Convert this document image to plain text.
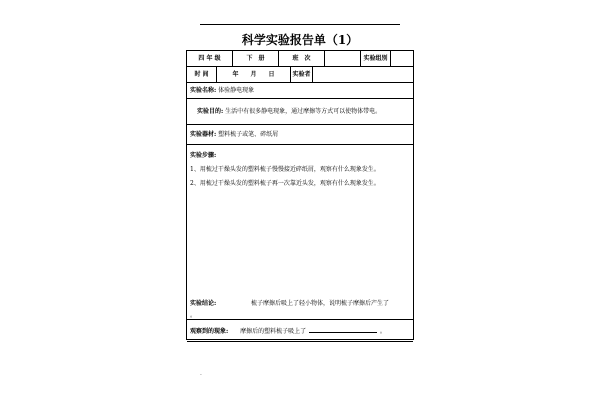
科学实验报告单（1）
四 年 级	下　册	班　次	实验组别
时 间	年　　月　　日	实验者
实验名称: 体验静电现象
实验目的: 生活中有很多静电现象，通过摩擦等方式可以使物体带电。
实验器材: 塑料梳子或笔、碎纸屑
实验步骤:
1、用梳过干燥头发的塑料梳子慢慢接近碎纸屑，观察有什么现象发生。
2、用梳过干燥头发的塑料梳子再一次靠近头发，观察有什么现象发生。
观察到的现象: 摩擦后的塑料梳子吸上了	。
实验结论:	梳子摩擦后吸上了轻小物体，说明梳子摩擦后产生了
。
·
